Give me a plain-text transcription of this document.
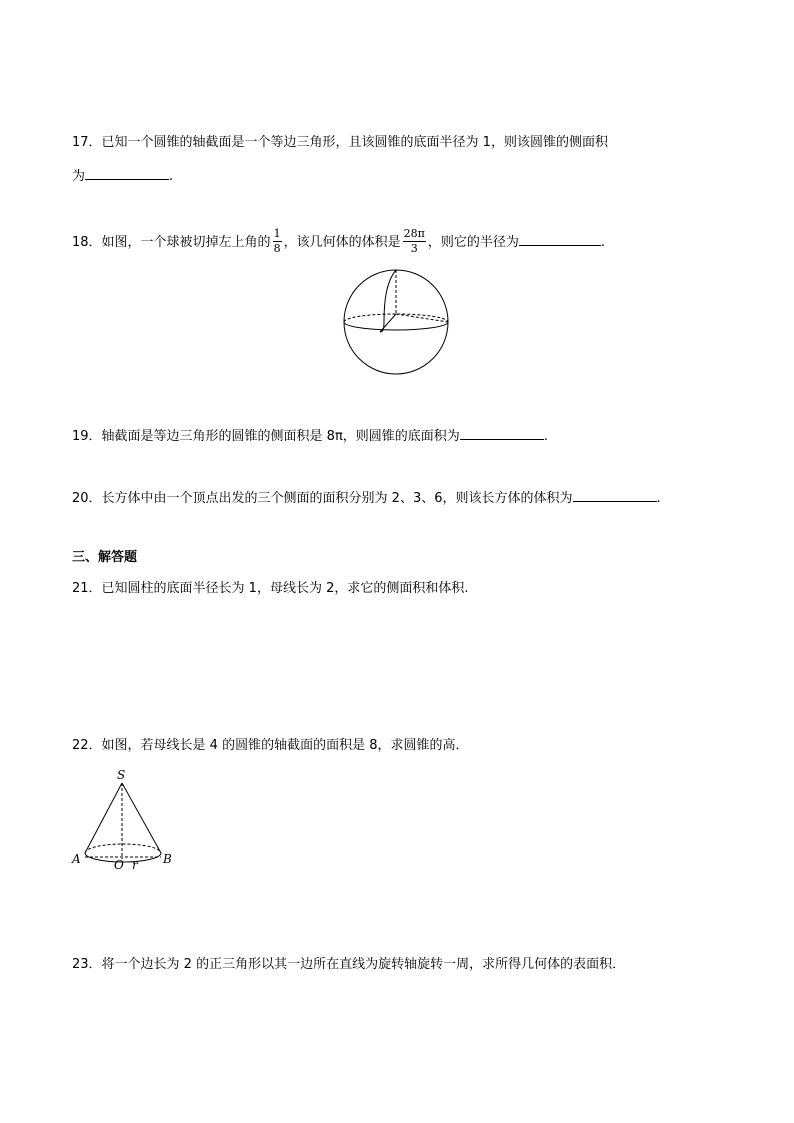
17．已知一个圆锥的轴截面是一个等边三角形，且该圆锥的底面半径为 1，则该圆锥的侧面积
为	.
18．如图，一个球被切掉左上角的 $\frac{1}{8}$ ，该几何体的体积是 $\frac{28\pi}{3}$ ，则它的半径为	.
19．轴截面是等边三角形的圆锥的侧面积是 8π，则圆锥的底面积为	.
20．长方体中由一个顶点出发的三个侧面的面积分别为 2、3、6，则该长方体的体积为	.
三、解答题
21．已知圆柱的底面半径长为 1，母线长为 2，求它的侧面积和体积.
22．如图，若母线长是 4 的圆锥的轴截面的面积是 8，求圆锥的高．
S
A	O r B
23．将一个边长为 2 的正三角形以其一边所在直线为旋转轴旋转一周，求所得几何体的表面积．
